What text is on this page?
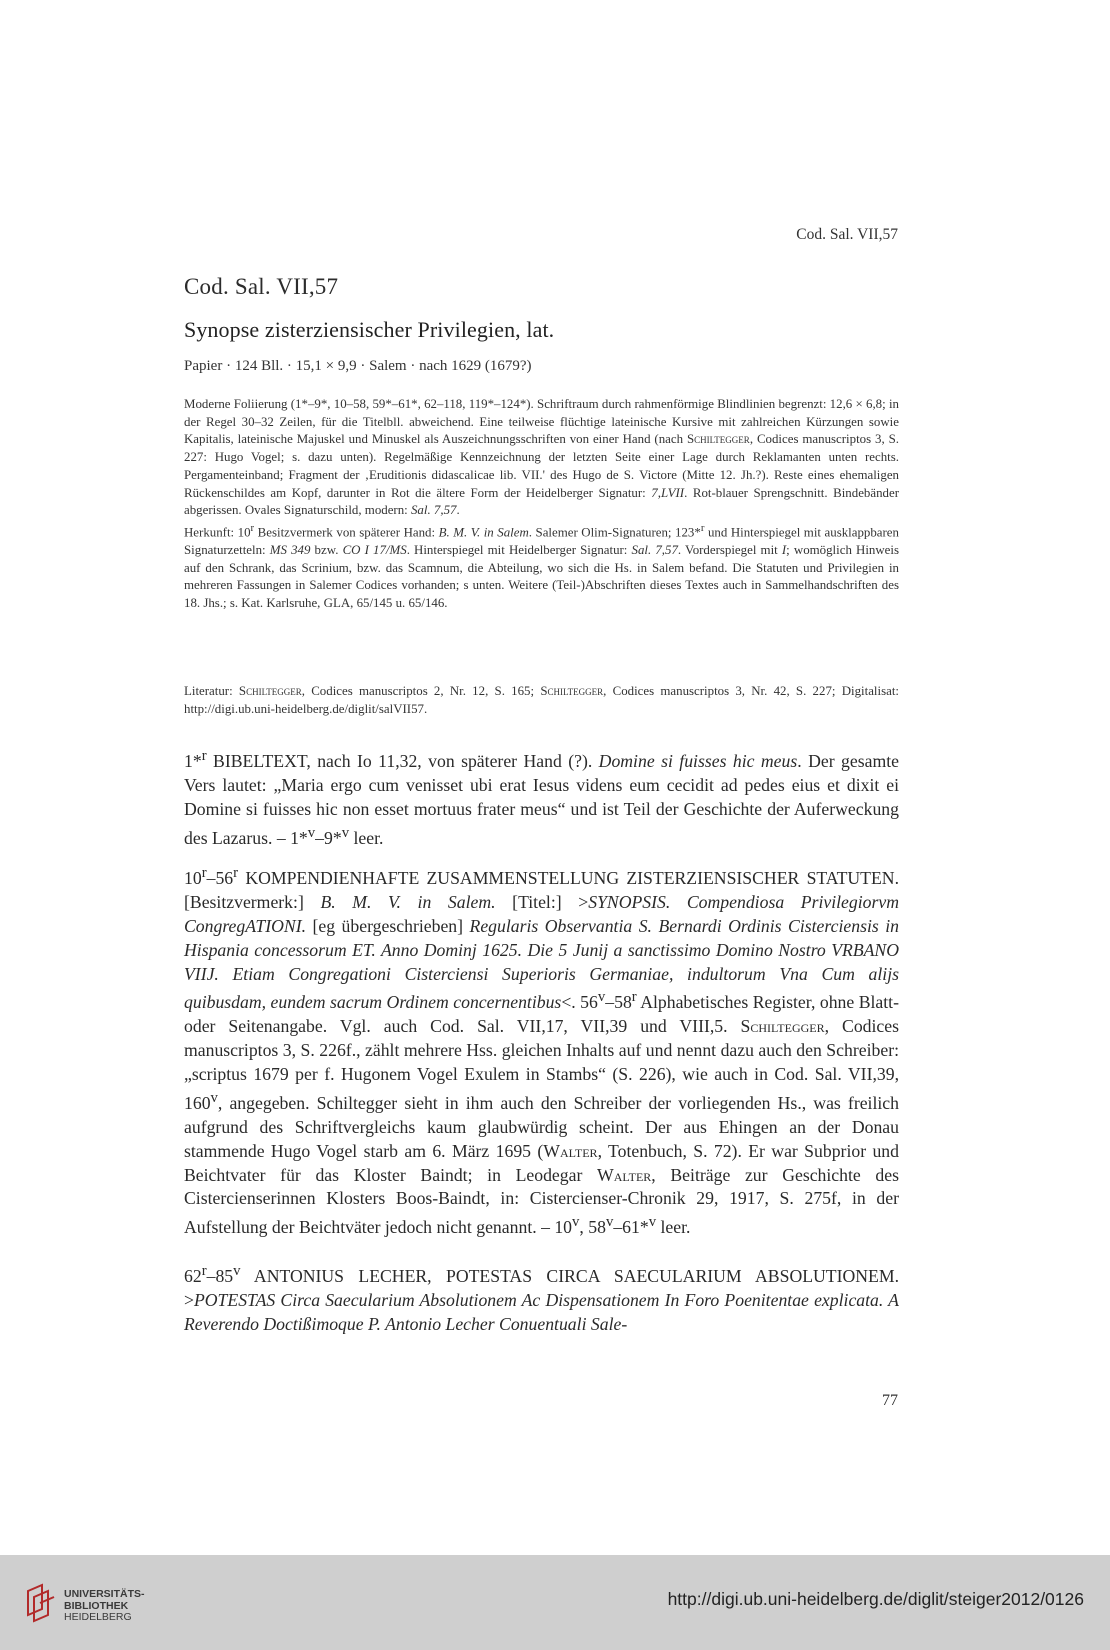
Cod. Sal. VII,57
Cod. Sal. VII,57
Synopse zisterziensischer Privilegien, lat.
Papier · 124 Bll. · 15,1 × 9,9 · Salem · nach 1629 (1679?)

Moderne Foliierung (1*–9*, 10–58, 59*–61*, 62–118, 119*–124*). Schriftraum durch rahmenförmige Blindlinien begrenzt: 12,6 × 6,8; in der Regel 30–32 Zeilen, für die Titelbll. abweichend. Eine teilweise flüchtige lateinische Kursive mit zahlreichen Kürzungen sowie Kapitalis, lateinische Majuskel und Minuskel als Auszeichnungsschriften von einer Hand (nach Schiltegger, Codices manuscriptos 3, S. 227: Hugo Vogel; s. dazu unten). Regelmäßige Kennzeichnung der letzten Seite einer Lage durch Reklamanten unten rechts. Pergamenteinband; Fragment der ‚Eruditionis didascalicae lib. VII.' des Hugo de S. Victore (Mitte 12. Jh.?). Reste eines ehemaligen Rückenschildes am Kopf, darunter in Rot die ältere Form der Heidelberger Signatur: 7,LVII. Rot-blauer Sprengschnitt. Bindebänder abgerissen. Ovales Signaturschild, modern: Sal. 7,57.

Herkunft: 10$^r$ Besitzvermerk von späterer Hand: B. M. V. in Salem. Salemer Olim-Signaturen; 123*$^r$ und Hinterspiegel mit ausklappbaren Signaturzetteln: MS 349 bzw. CO I 17/MS. Hinterspiegel mit Heidelberger Signatur: Sal. 7,57. Vorderspiegel mit I; womöglich Hinweis auf den Schrank, das Scrinium, bzw. das Scamnum, die Abteilung, wo sich die Hs. in Salem befand. Die Statuten und Privilegien in mehreren Fassungen in Salemer Codices vorhanden; s unten. Weitere (Teil-)Abschriften dieses Textes auch in Sammelhandschriften des 18. Jhs.; s. Kat. Karlsruhe, GLA, 65/145 u. 65/146.

Literatur: Schiltegger, Codices manuscriptos 2, Nr. 12, S. 165; Schiltegger, Codices manuscriptos 3, Nr. 42, S. 227; Digitalisat: http://digi.ub.uni-heidelberg.de/diglit/salVII57.

1*$^r$ BIBELTEXT, nach Io 11,32, von späterer Hand (?). Domine si fuisses hic meus. Der gesamte Vers lautet: „Maria ergo cum venisset ubi erat Iesus videns eum cecidit ad pedes eius et dixit ei Domine si fuisses hic non esset mortuus frater meus“ und ist Teil der Geschichte der Auferweckung des Lazarus. – 1*$^v$–9*$^v$ leer.

10$^r$–56$^r$ KOMPENDIENHAFTE ZUSAMMENSTELLUNG ZISTERZIENSISCHER STATUTEN. [Besitzvermerk:] B. M. V. in Salem. [Titel:] >SYNOPSIS. Compendiosa Privilegiorvm CongregATIONI. [eg übergeschrieben] Regularis Observantia S. Bernardi Ordinis Cisterciensis in Hispania concessorum ET. Anno Dominj 1625. Die 5 Junij a sanctissimo Domino Nostro VRBANO VIIJ. Etiam Congregationi Cisterciensi Superioris Germaniae, indultorum Vna Cum alijs quibusdam, eundem sacrum Ordinem concernentibus<. 56$^v$–58$^r$ Alphabetisches Register, ohne Blatt- oder Seitenangabe. Vgl. auch Cod. Sal. VII,17, VII,39 und VIII,5. Schiltegger, Codices manuscriptos 3, S. 226f., zählt mehrere Hss. gleichen Inhalts auf und nennt dazu auch den Schreiber: „scriptus 1679 per f. Hugonem Vogel Exulem in Stambs“ (S. 226), wie auch in Cod. Sal. VII,39, 160$^v$, angegeben. Schiltegger sieht in ihm auch den Schreiber der vorliegenden Hs., was freilich aufgrund des Schriftvergleichs kaum glaubwürdig scheint. Der aus Ehingen an der Donau stammende Hugo Vogel starb am 6. März 1695 (Walter, Totenbuch, S. 72). Er war Subprior und Beichtvater für das Kloster Baindt; in Leodegar Walter, Beiträge zur Geschichte des Cistercienserinnen Klosters Boos-Baindt, in: Cistercienser-Chronik 29, 1917, S. 275f, in der Aufstellung der Beichtväter jedoch nicht genannt. – 10$^v$, 58$^v$–61*$^v$ leer.

62$^r$–85$^v$ ANTONIUS LECHER, POTESTAS CIRCA SAECULARIUM ABSOLUTIONEM. >POTESTAS Circa Saecularium Absolutionem Ac Dispensationem In Foro Poenitentae explicata. A Reverendo Doctißimoque P. Antonio Lecher Conuentuali Sale-

77
UNIVERSITÄTS-
BIBLIOTHEK
HEIDELBERG
http://digi.ub.uni-heidelberg.de/diglit/steiger2012/0126
